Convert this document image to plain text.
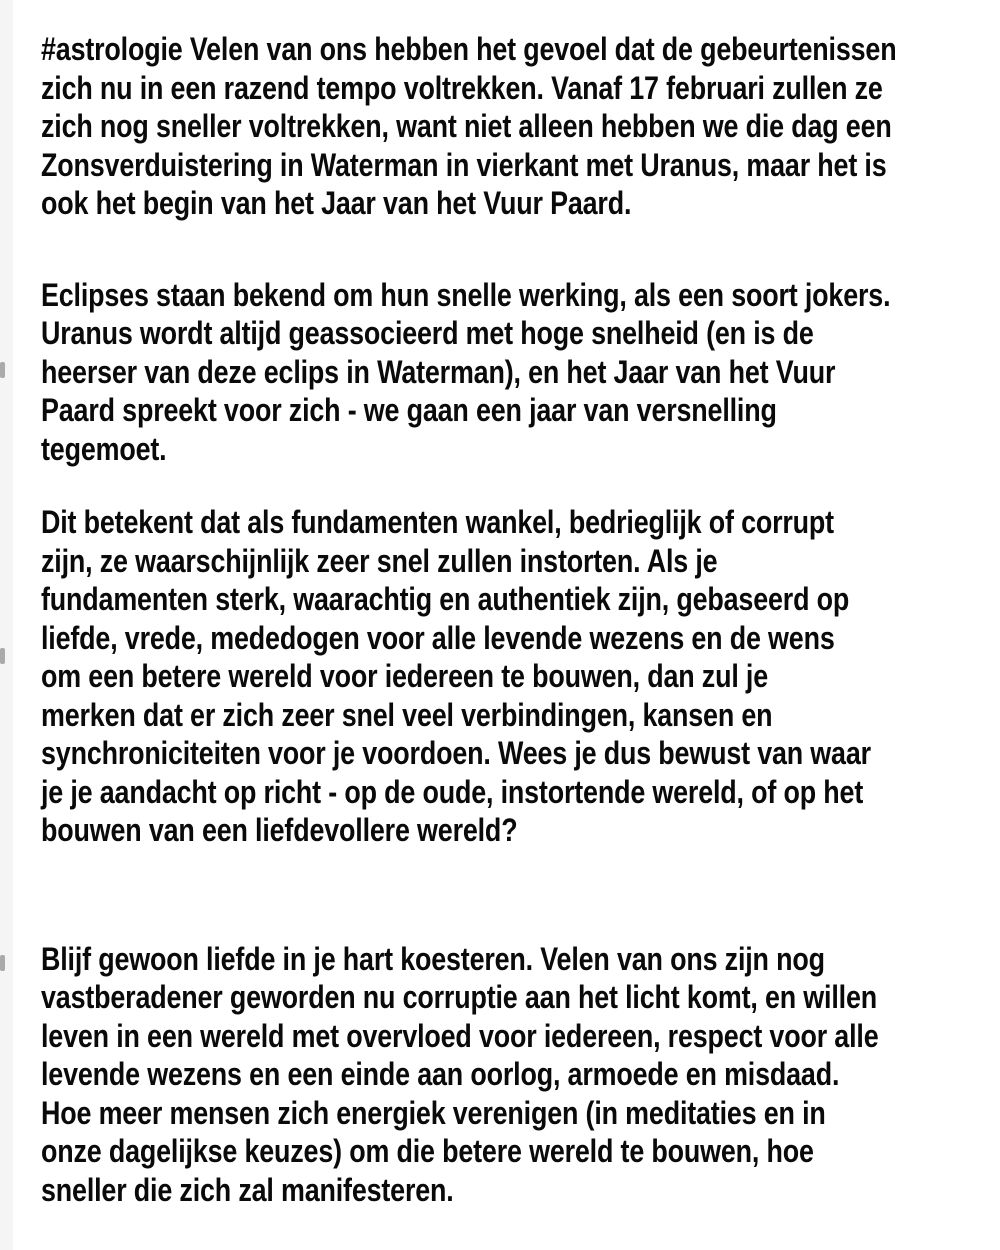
#astrologie Velen van ons hebben het gevoel dat de gebeurtenissen
zich nu in een razend tempo voltrekken. Vanaf 17 februari zullen ze
zich nog sneller voltrekken, want niet alleen hebben we die dag een
Zonsverduistering in Waterman in vierkant met Uranus, maar het is
ook het begin van het Jaar van het Vuur Paard.
Eclipses staan bekend om hun snelle werking, als een soort jokers.
Uranus wordt altijd geassocieerd met hoge snelheid (en is de
heerser van deze eclips in Waterman), en het Jaar van het Vuur
Paard spreekt voor zich - we gaan een jaar van versnelling
tegemoet.
Dit betekent dat als fundamenten wankel, bedrieglijk of corrupt
zijn, ze waarschijnlijk zeer snel zullen instorten. Als je
fundamenten sterk, waarachtig en authentiek zijn, gebaseerd op
liefde, vrede, mededogen voor alle levende wezens en de wens
om een betere wereld voor iedereen te bouwen, dan zul je
merken dat er zich zeer snel veel verbindingen, kansen en
synchroniciteiten voor je voordoen. Wees je dus bewust van waar
je je aandacht op richt - op de oude, instortende wereld, of op het
bouwen van een liefdevollere wereld?
Blijf gewoon liefde in je hart koesteren. Velen van ons zijn nog
vastberadener geworden nu corruptie aan het licht komt, en willen
leven in een wereld met overvloed voor iedereen, respect voor alle
levende wezens en een einde aan oorlog, armoede en misdaad.
Hoe meer mensen zich energiek verenigen (in meditaties en in
onze dagelijkse keuzes) om die betere wereld te bouwen, hoe
sneller die zich zal manifesteren.
